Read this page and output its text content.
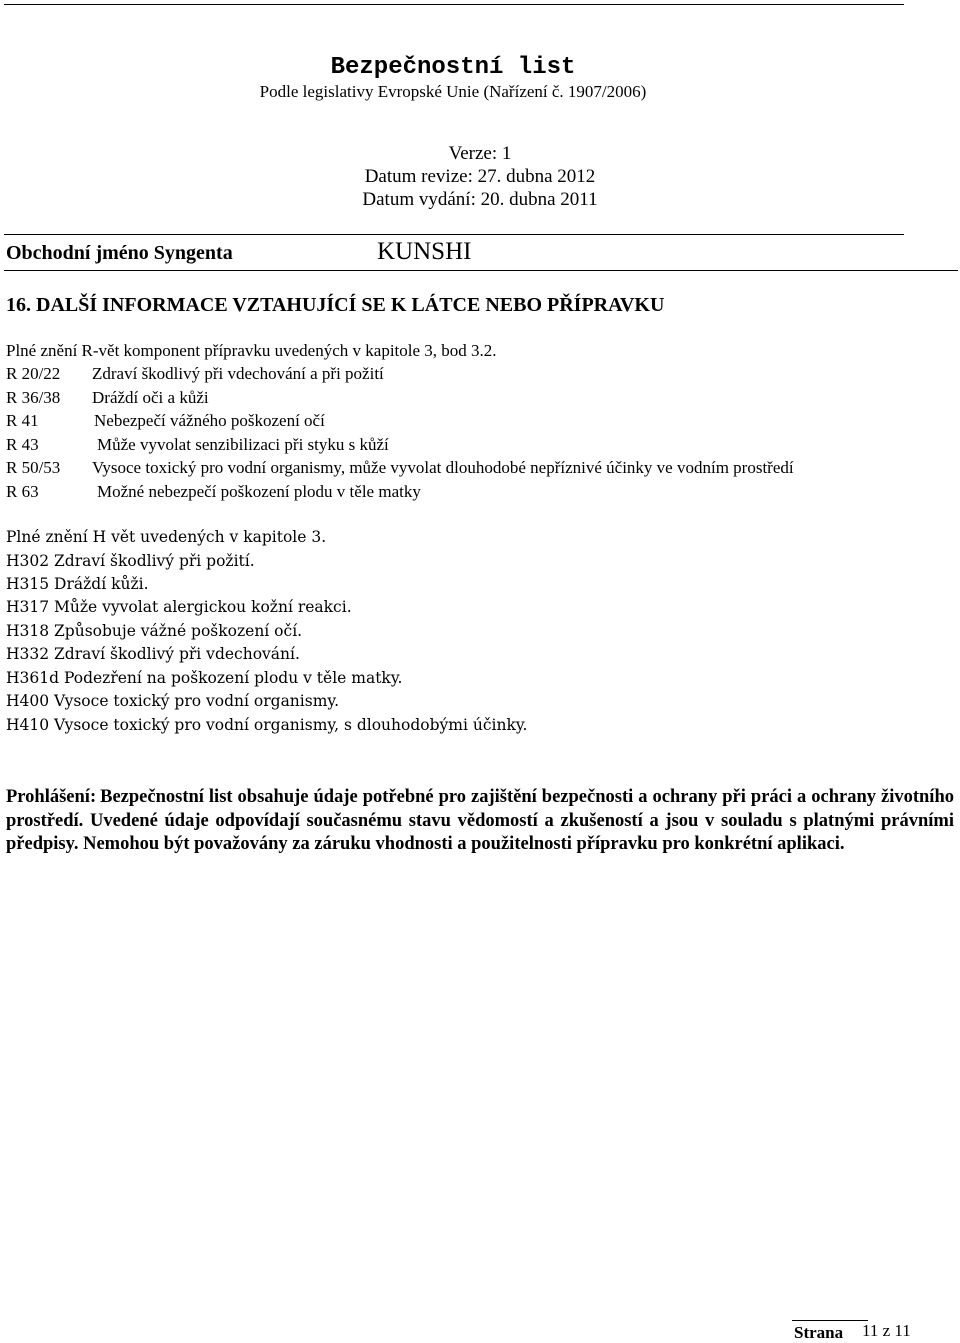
Bezpečnostní list
Podle legislativy Evropské Unie (Nařízení č. 1907/2006)
Verze: 1
Datum revize: 27. dubna 2012
Datum vydání: 20. dubna 2011
Obchodní jméno Syngenta	KUNSHI
16. DALŠÍ INFORMACE VZTAHUJÍCÍ SE K LÁTCE NEBO PŘÍPRAVKU
Plné znění R-vět komponent přípravku uvedených v kapitole 3, bod 3.2.
R 20/22 Zdraví škodlivý při vdechování a při požití
R 36/38 Dráždí oči a kůži
R 41	Nebezpečí vážného poškození očí
R 43	Může vyvolat senzibilizaci při styku s kůží
R 50/53 Vysoce toxický pro vodní organismy, může vyvolat dlouhodobé nepříznivé účinky ve vodním prostředí
R 63	Možné nebezpečí poškození plodu v těle matky
Plné znění H vět uvedených v kapitole 3.
H302 Zdraví škodlivý při požití.
H315 Dráždí kůži.
H317 Může vyvolat alergickou kožní reakci.
H318 Způsobuje vážné poškození očí.
H332 Zdraví škodlivý při vdechování.
H361d Podezření na poškození plodu v těle matky.
H400 Vysoce toxický pro vodní organismy.
H410 Vysoce toxický pro vodní organismy, s dlouhodobými účinky.
Prohlášení: Bezpečnostní list obsahuje údaje potřebné pro zajištění bezpečnosti a ochrany při práci a ochrany životního prostředí. Uvedené údaje odpovídají současnému stavu vědomostí a zkušeností a jsou v souladu s platnými právními předpisy. Nemohou být považovány za záruku vhodnosti a použitelnosti přípravku pro konkrétní aplikaci.
Strana 11 z 11
